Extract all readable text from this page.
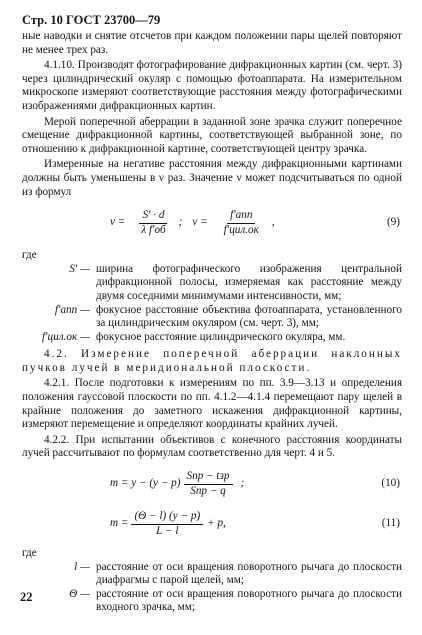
Стр. 10 ГОСТ 23700—79

ные наводки и снятие отсчетов при каждом положении пары щелей повторяют не менее трех раз.

4.1.10. Производят фотографирование дифракционных картин (см. черт. 3) через цилиндрический окуляр с помощью фотоаппарата. На измерительном микроскопе измеряют соответствующие расстояния между фотографическими изображениями дифракционных картин.

Мерой поперечной аберрации в заданной зоне зрачка служит поперечное смещение дифракционной картины, соответствующей выбранной зоне, по отношению к дифракционной картине, соответствующей центру зрачка.

Измеренные на негативе расстояния между дифракционными картинами должны быть уменьшены в ν раз. Значение ν может подсчитываться по одной из формул

$\nu = \frac{S' \cdot d}{\text{λ f′об}}$ ; $\nu = \frac{\text{f′апп}}{\text{f′цил.ок}}$ ,	(9)
где
S′ — ширина фотографического изображения центральной дифракционной полосы, измеряемая как расстояние между двумя соседними минимумами интенсивности, мм;
f′апп — фокусное расстояние объектива фотоаппарата, установленного за цилиндрическим окуляром (см. черт. 3), мм;
f′цил.ок — фокусное расстояние цилиндрического окуляра, мм.

4.2. Измерение поперечной аберрации наклонных пучков лучей в меридиональной плоскости.

4.2.1. После подготовки к измерениям по пп. 3.9—3.13 и определения положения гауссовой плоскости по пп. 4.1.2—4.1.4 перемещают пару щелей в крайние положения до заметного искажения дифракционной картины, измеряют перемещение и определяют координаты крайних лучей.

4.2.2. При испытании объективов с конечного расстояния координаты лучей рассчитывают по формулам соответственно для черт. 4 и 5.

$m = y - (y - p) \frac{\text{Sпр − tзр}}{\text{Sпр − q}}$ ;	(10)
$m = \frac{(\Theta - l) (y - p)}{L - l} + p$,	(11)
где
l — расстояние от оси вращения поворотного рычага до плоскости диафрагмы с парой щелей, мм;
Θ — расстояние от оси вращения поворотного рычага до плоскости входного зрачка, мм;
22
